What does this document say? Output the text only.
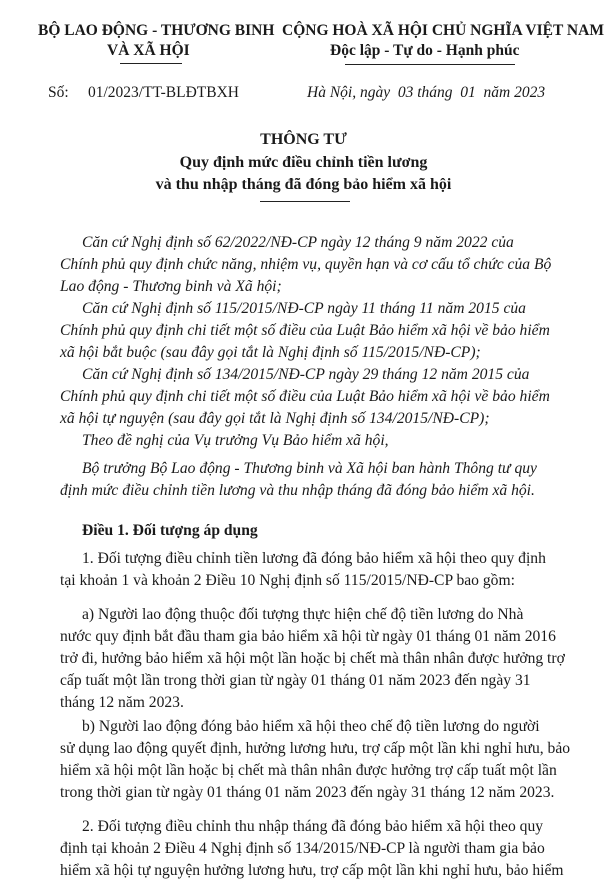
BỘ LAO ĐỘNG - THƯƠNG BINH
VÀ XÃ HỘI
Số: 01/2023/TT-BLĐTBXH
CỘNG HOÀ XÃ HỘI CHỦ NGHĨA VIỆT NAM
Độc lập - Tự do - Hạnh phúc
Hà Nội, ngày  03 tháng  01  năm 2023
THÔNG TƯ
Quy định mức điều chỉnh tiền lương
và thu nhập tháng đã đóng bảo hiểm xã hội
Căn cứ Nghị định số 62/2022/NĐ-CP ngày 12 tháng 9 năm 2022 của
Chính phủ quy định chức năng, nhiệm vụ, quyền hạn và cơ cấu tổ chức của Bộ
Lao động - Thương binh và Xã hội;
Căn cứ Nghị định số 115/2015/NĐ-CP ngày 11 tháng 11 năm 2015 của
Chính phủ quy định chi tiết một số điều của Luật Bảo hiểm xã hội về bảo hiểm
xã hội bắt buộc (sau đây gọi tắt là Nghị định số 115/2015/NĐ-CP);
Căn cứ Nghị định số 134/2015/NĐ-CP ngày 29 tháng 12 năm 2015 của
Chính phủ quy định chi tiết một số điều của Luật Bảo hiểm xã hội về bảo hiểm
xã hội tự nguyện (sau đây gọi tắt là Nghị định số 134/2015/NĐ-CP);
Theo đề nghị của Vụ trưởng Vụ Bảo hiểm xã hội,
Bộ trưởng Bộ Lao động - Thương binh và Xã hội ban hành Thông tư quy
định mức điều chỉnh tiền lương và thu nhập tháng đã đóng bảo hiểm xã hội.
Điều 1. Đối tượng áp dụng
1. Đối tượng điều chỉnh tiền lương đã đóng bảo hiểm xã hội theo quy định
tại khoản 1 và khoản 2 Điều 10 Nghị định số 115/2015/NĐ-CP bao gồm:
a) Người lao động thuộc đối tượng thực hiện chế độ tiền lương do Nhà
nước quy định bắt đầu tham gia bảo hiểm xã hội từ ngày 01 tháng 01 năm 2016
trở đi, hưởng bảo hiểm xã hội một lần hoặc bị chết mà thân nhân được hưởng trợ
cấp tuất một lần trong thời gian từ ngày 01 tháng 01 năm 2023 đến ngày 31
tháng 12 năm 2023.
b) Người lao động đóng bảo hiểm xã hội theo chế độ tiền lương do người
sử dụng lao động quyết định, hưởng lương hưu, trợ cấp một lần khi nghỉ hưu, bảo
hiểm xã hội một lần hoặc bị chết mà thân nhân được hưởng trợ cấp tuất một lần
trong thời gian từ ngày 01 tháng 01 năm 2023 đến ngày 31 tháng 12 năm 2023.
2. Đối tượng điều chỉnh thu nhập tháng đã đóng bảo hiểm xã hội theo quy
định tại khoản 2 Điều 4 Nghị định số 134/2015/NĐ-CP là người tham gia bảo
hiểm xã hội tự nguyện hưởng lương hưu, trợ cấp một lần khi nghỉ hưu, bảo hiểm
